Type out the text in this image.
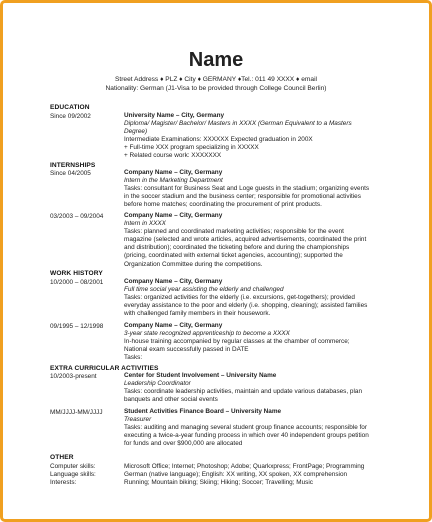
Name
Street Address ♦ PLZ ♦ City ♦ GERMANY ♦Tel.: 011 49 XXXX ♦ email
Nationality: German (J1-Visa to be provided through College Council Berlin)
EDUCATION
Since 09/2002	University Name – City, Germany
Diploma/ Magister/ Bachelor/ Masters in XXXX (German Equivalent to a Masters
Degree)
Intermediate Examinations: XXXXXX Expected graduation in 200X
+ Full-time XXX program specializing in XXXXX
+ Related course work: XXXXXXX
INTERNSHIPS
Since 04/2005	Company Name – City, Germany
Intern in the Marketing Department
Tasks: consultant for Business Seat and Loge guests in the stadium; organizing events
in the soccer stadium and the business center; responsible for promotional activities
before home matches; coordinating the procurement of print products.
03/2003 – 09/2004	Company Name – City, Germany
Intern in XXXX
Tasks: planned and coordinated marketing activities; responsible for the event
magazine (selected and wrote articles, acquired advertisements, coordinated the print
and distribution); coordinated the ticketing before and during the championships
(pricing, coordinated with external ticket agencies, accounting); supported the
Organization Committee during the competitions.
WORK HISTORY
10/2000 – 08/2001	Company Name – City, Germany
Full time social year assisting the elderly and challenged
Tasks: organized activities for the elderly (i.e. excursions, get-togethers); provided
everyday assistance to the poor and elderly (i.e. shopping, cleaning); assisted families
with challenged family members in their housework.
09/1995 – 12/1998	Company Name – City, Germany
3-year state recognized apprenticeship to become a XXXX
In-house training accompanied by regular classes at the chamber of commerce;
National exam successfully passed in DATE
Tasks:
EXTRA CURRICULAR ACTIVITIES
10/2003-present	Center for Student Involvement – University Name
Leadership Coordinator
Tasks: coordinate leadership activities, maintain and update various databases, plan
banquets and other social events
MM/JJJJ-MM/JJJJ	Student Activities Finance Board – University Name
Treasurer
Tasks: auditing and managing several student group finance accounts; responsible for
executing a twice-a-year funding process in which over 40 independent groups petition
for funds and over $900,000 are allocated
OTHER
Computer skills:	Microsoft Office; Internet; Photoshop; Adobe; Quarkxpress; FrontPage; Programming
Language skills:	German (native language); English: XX writing, XX spoken, XX comprehension
Interests:	Running; Mountain biking; Skiing; Hiking; Soccer; Travelling; Music
